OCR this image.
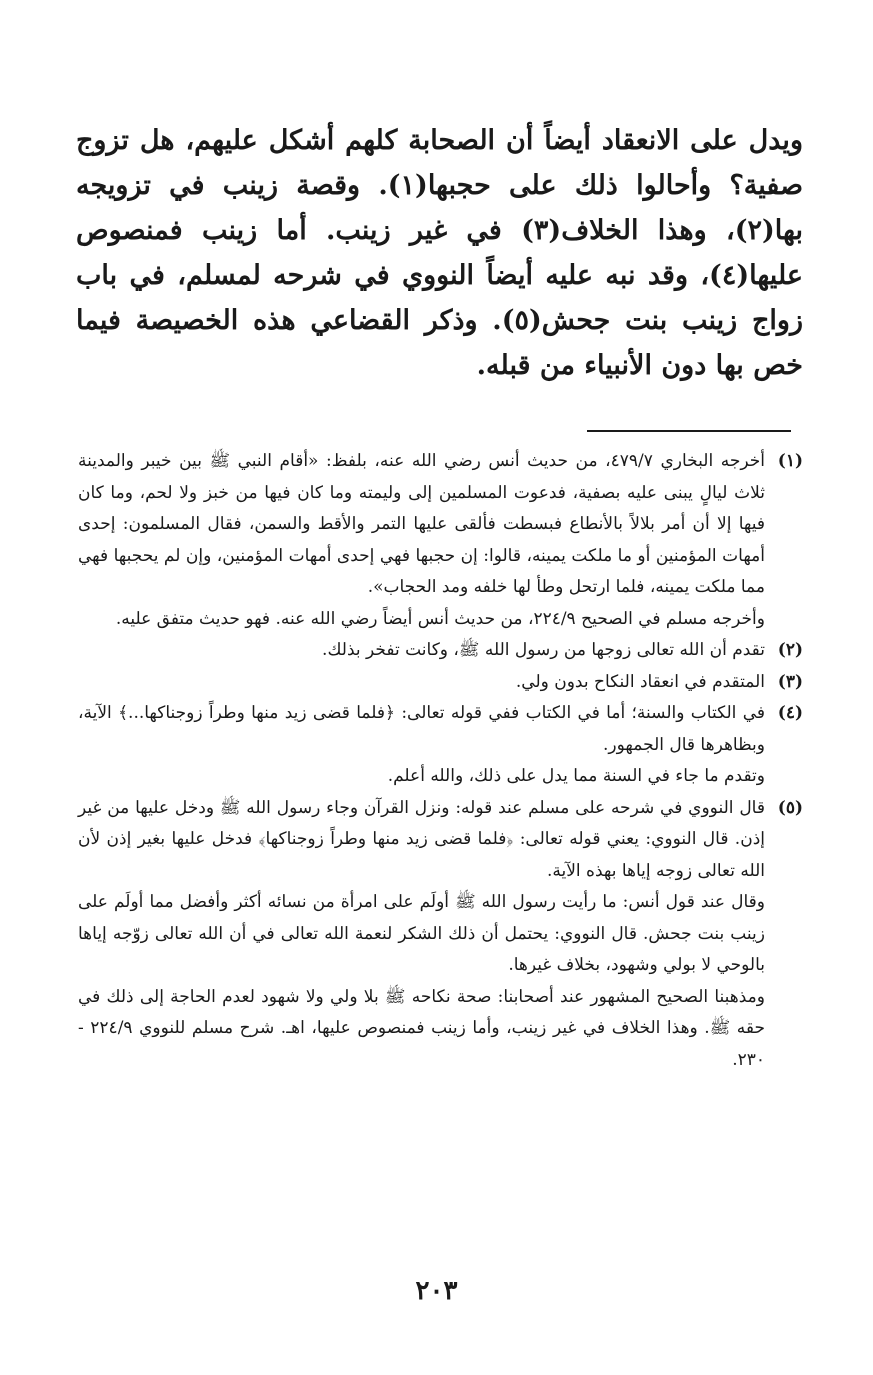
ويدل على الانعقاد أيضاً أن الصحابة كلهم أشكل عليهم، هل تزوج صفية؟ وأحالوا ذلك على حجبها(١). وقصة زينب في تزويجه بها(٢)، وهذا الخلاف(٣) في غير زينب. أما زينب فمنصوص عليها(٤)، وقد نبه عليه أيضاً النووي في شرحه لمسلم، في باب زواج زينب بنت جحش(٥). وذكر القضاعي هذه الخصيصة فيما خص بها دون الأنبياء من قبله.

(١)

أخرجه البخاري ٤٧٩/٧، من حديث أنس رضي الله عنه، بلفظ: «أقام النبي ﷺ بين خيبر والمدينة ثلاث ليالٍ يبنى عليه بصفية، فدعوت المسلمين إلى وليمته وما كان فيها من خبز ولا لحم، وما كان فيها إلا أن أمر بلالاً بالأنطاع فبسطت فألقى عليها التمر والأقط والسمن، فقال المسلمون: إحدى أمهات المؤمنين أو ما ملكت يمينه، قالوا: إن حجبها فهي إحدى أمهات المؤمنين، وإن لم يحجبها فهي مما ملكت يمينه، فلما ارتحل وطأ لها خلفه ومد الحجاب».

وأخرجه مسلم في الصحيح ٢٢٤/٩، من حديث أنس أيضاً رضي الله عنه. فهو حديث متفق عليه.

(٢)

تقدم أن الله تعالى زوجها من رسول الله ﷺ، وكانت تفخر بذلك.

(٣)

المتقدم في انعقاد النكاح بدون ولي.

(٤)

في الكتاب والسنة؛ أما في الكتاب ففي قوله تعالى: ﴿فلما قضى زيد منها وطراً زوجناكها...﴾ الآية، وبظاهرها قال الجمهور.

وتقدم ما جاء في السنة مما يدل على ذلك، والله أعلم.

(٥)

قال النووي في شرحه على مسلم عند قوله: ونزل القرآن وجاء رسول الله ﷺ ودخل عليها من غير إذن. قال النووي: يعني قوله تعالى: ﴿فلما قضى زيد منها وطراً زوجناكها﴾ فدخل عليها بغير إذن لأن الله تعالى زوجه إياها بهذه الآية.

وقال عند قول أنس: ما رأيت رسول الله ﷺ أولَم على امرأة من نسائه أكثر وأفضل مما أولَم على زينب بنت جحش. قال النووي: يحتمل أن ذلك الشكر لنعمة الله تعالى في أن الله تعالى زوّجه إياها بالوحي لا بولي وشهود، بخلاف غيرها.

ومذهبنا الصحيح المشهور عند أصحابنا: صحة نكاحه ﷺ بلا ولي ولا شهود لعدم الحاجة إلى ذلك في حقه ﷺ. وهذا الخلاف في غير زينب، وأما زينب فمنصوص عليها، اهـ. شرح مسلم للنووي ٢٢٤/٩ - ٢٣٠.

٢٠٣
